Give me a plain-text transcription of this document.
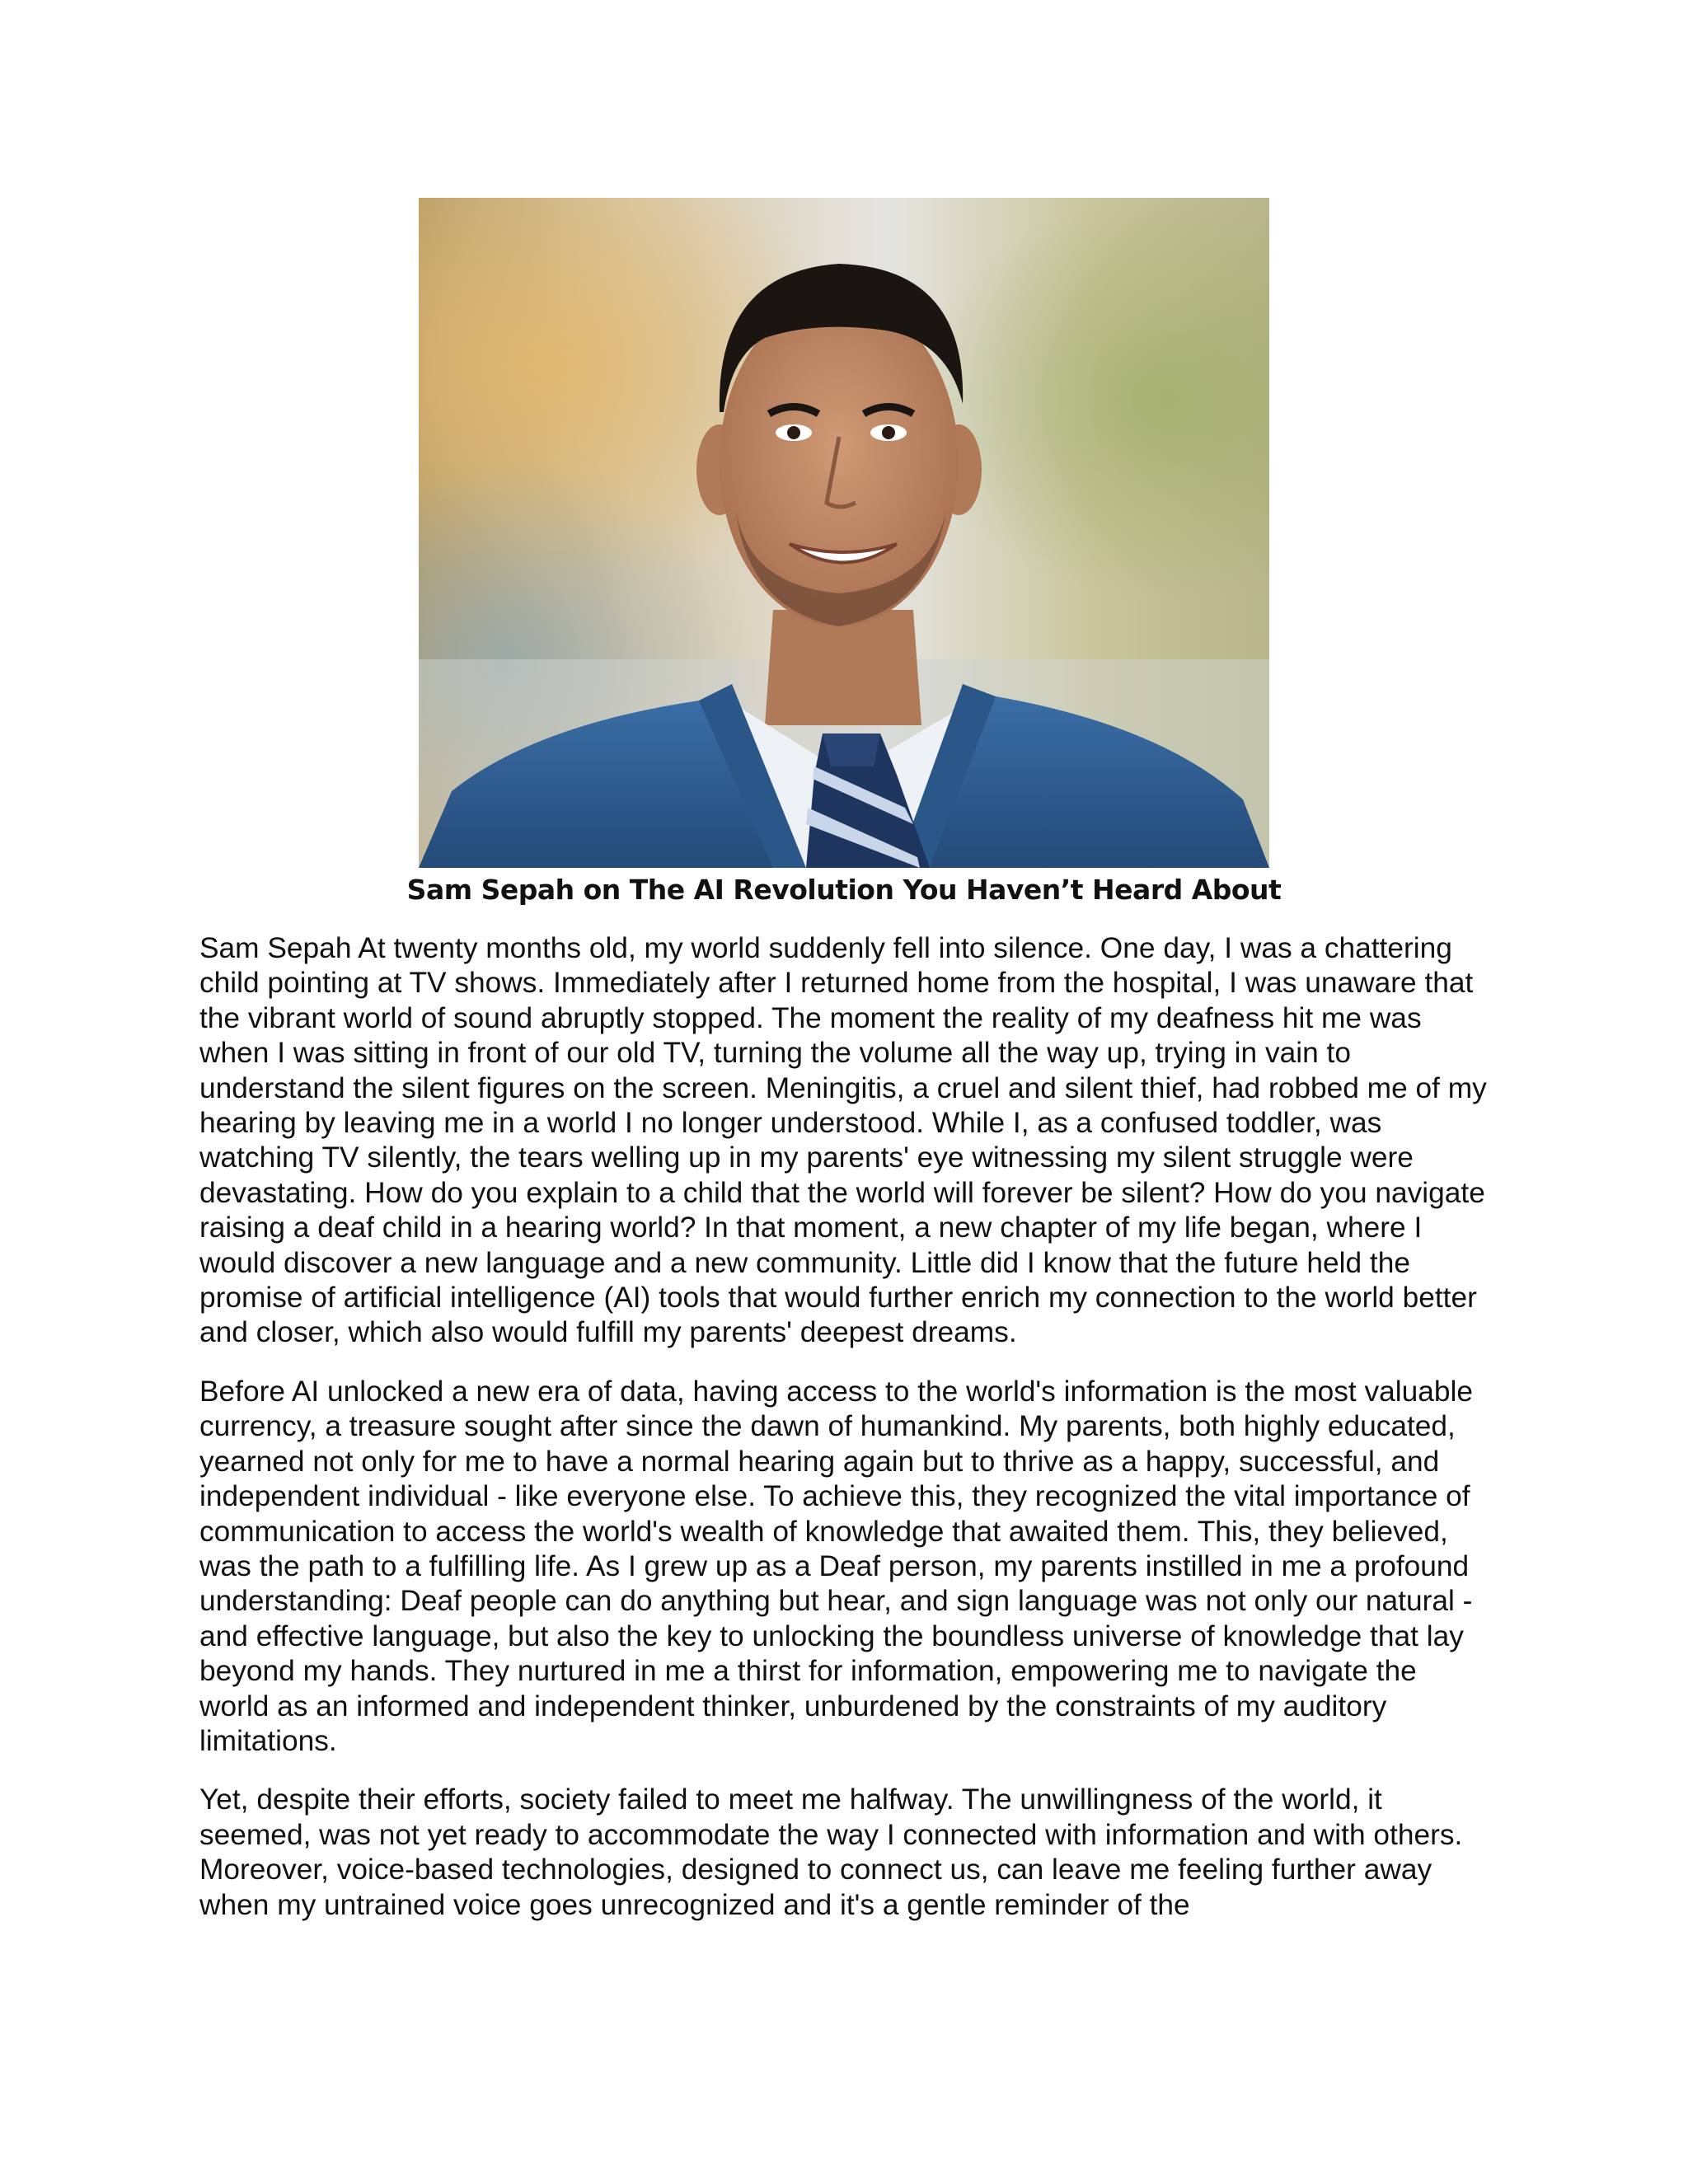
Sam Sepah on The AI Revolution You Haven’t Heard About

Sam Sepah At twenty months old, my world suddenly fell into silence. One day, I was a chattering child pointing at TV shows. Immediately after I returned home from the hospital, I was unaware that the vibrant world of sound abruptly stopped. The moment the reality of my deafness hit me was when I was sitting in front of our old TV, turning the volume all the way up, trying in vain to understand the silent figures on the screen. Meningitis, a cruel and silent thief, had robbed me of my hearing by leaving me in a world I no longer understood. While I, as a confused toddler, was watching TV silently, the tears welling up in my parents' eye witnessing my silent struggle were devastating. How do you explain to a child that the world will forever be silent? How do you navigate raising a deaf child in a hearing world? In that moment, a new chapter of my life began, where I would discover a new language and a new community. Little did I know that the future held the promise of artificial intelligence (AI) tools that would further enrich my connection to the world better and closer, which also would fulfill my parents' deepest dreams.

Before AI unlocked a new era of data, having access to the world's information is the most valuable currency, a treasure sought after since the dawn of humankind. My parents, both highly educated, yearned not only for me to have a normal hearing again but to thrive as a happy, successful, and independent individual - like everyone else. To achieve this, they recognized the vital importance of communication to access the world's wealth of knowledge that awaited them. This, they believed, was the path to a fulfilling life. As I grew up as a Deaf person, my parents instilled in me a profound understanding: Deaf people can do anything but hear, and sign language was not only our natural - and effective language, but also the key to unlocking the boundless universe of knowledge that lay beyond my hands. They nurtured in me a thirst for information, empowering me to navigate the world as an informed and independent thinker, unburdened by the constraints of my auditory limitations.

Yet, despite their efforts, society failed to meet me halfway. The unwillingness of the world, it seemed, was not yet ready to accommodate the way I connected with information and with others. Moreover, voice-based technologies, designed to connect us, can leave me feeling further away when my untrained voice goes unrecognized and it's a gentle reminder of the
